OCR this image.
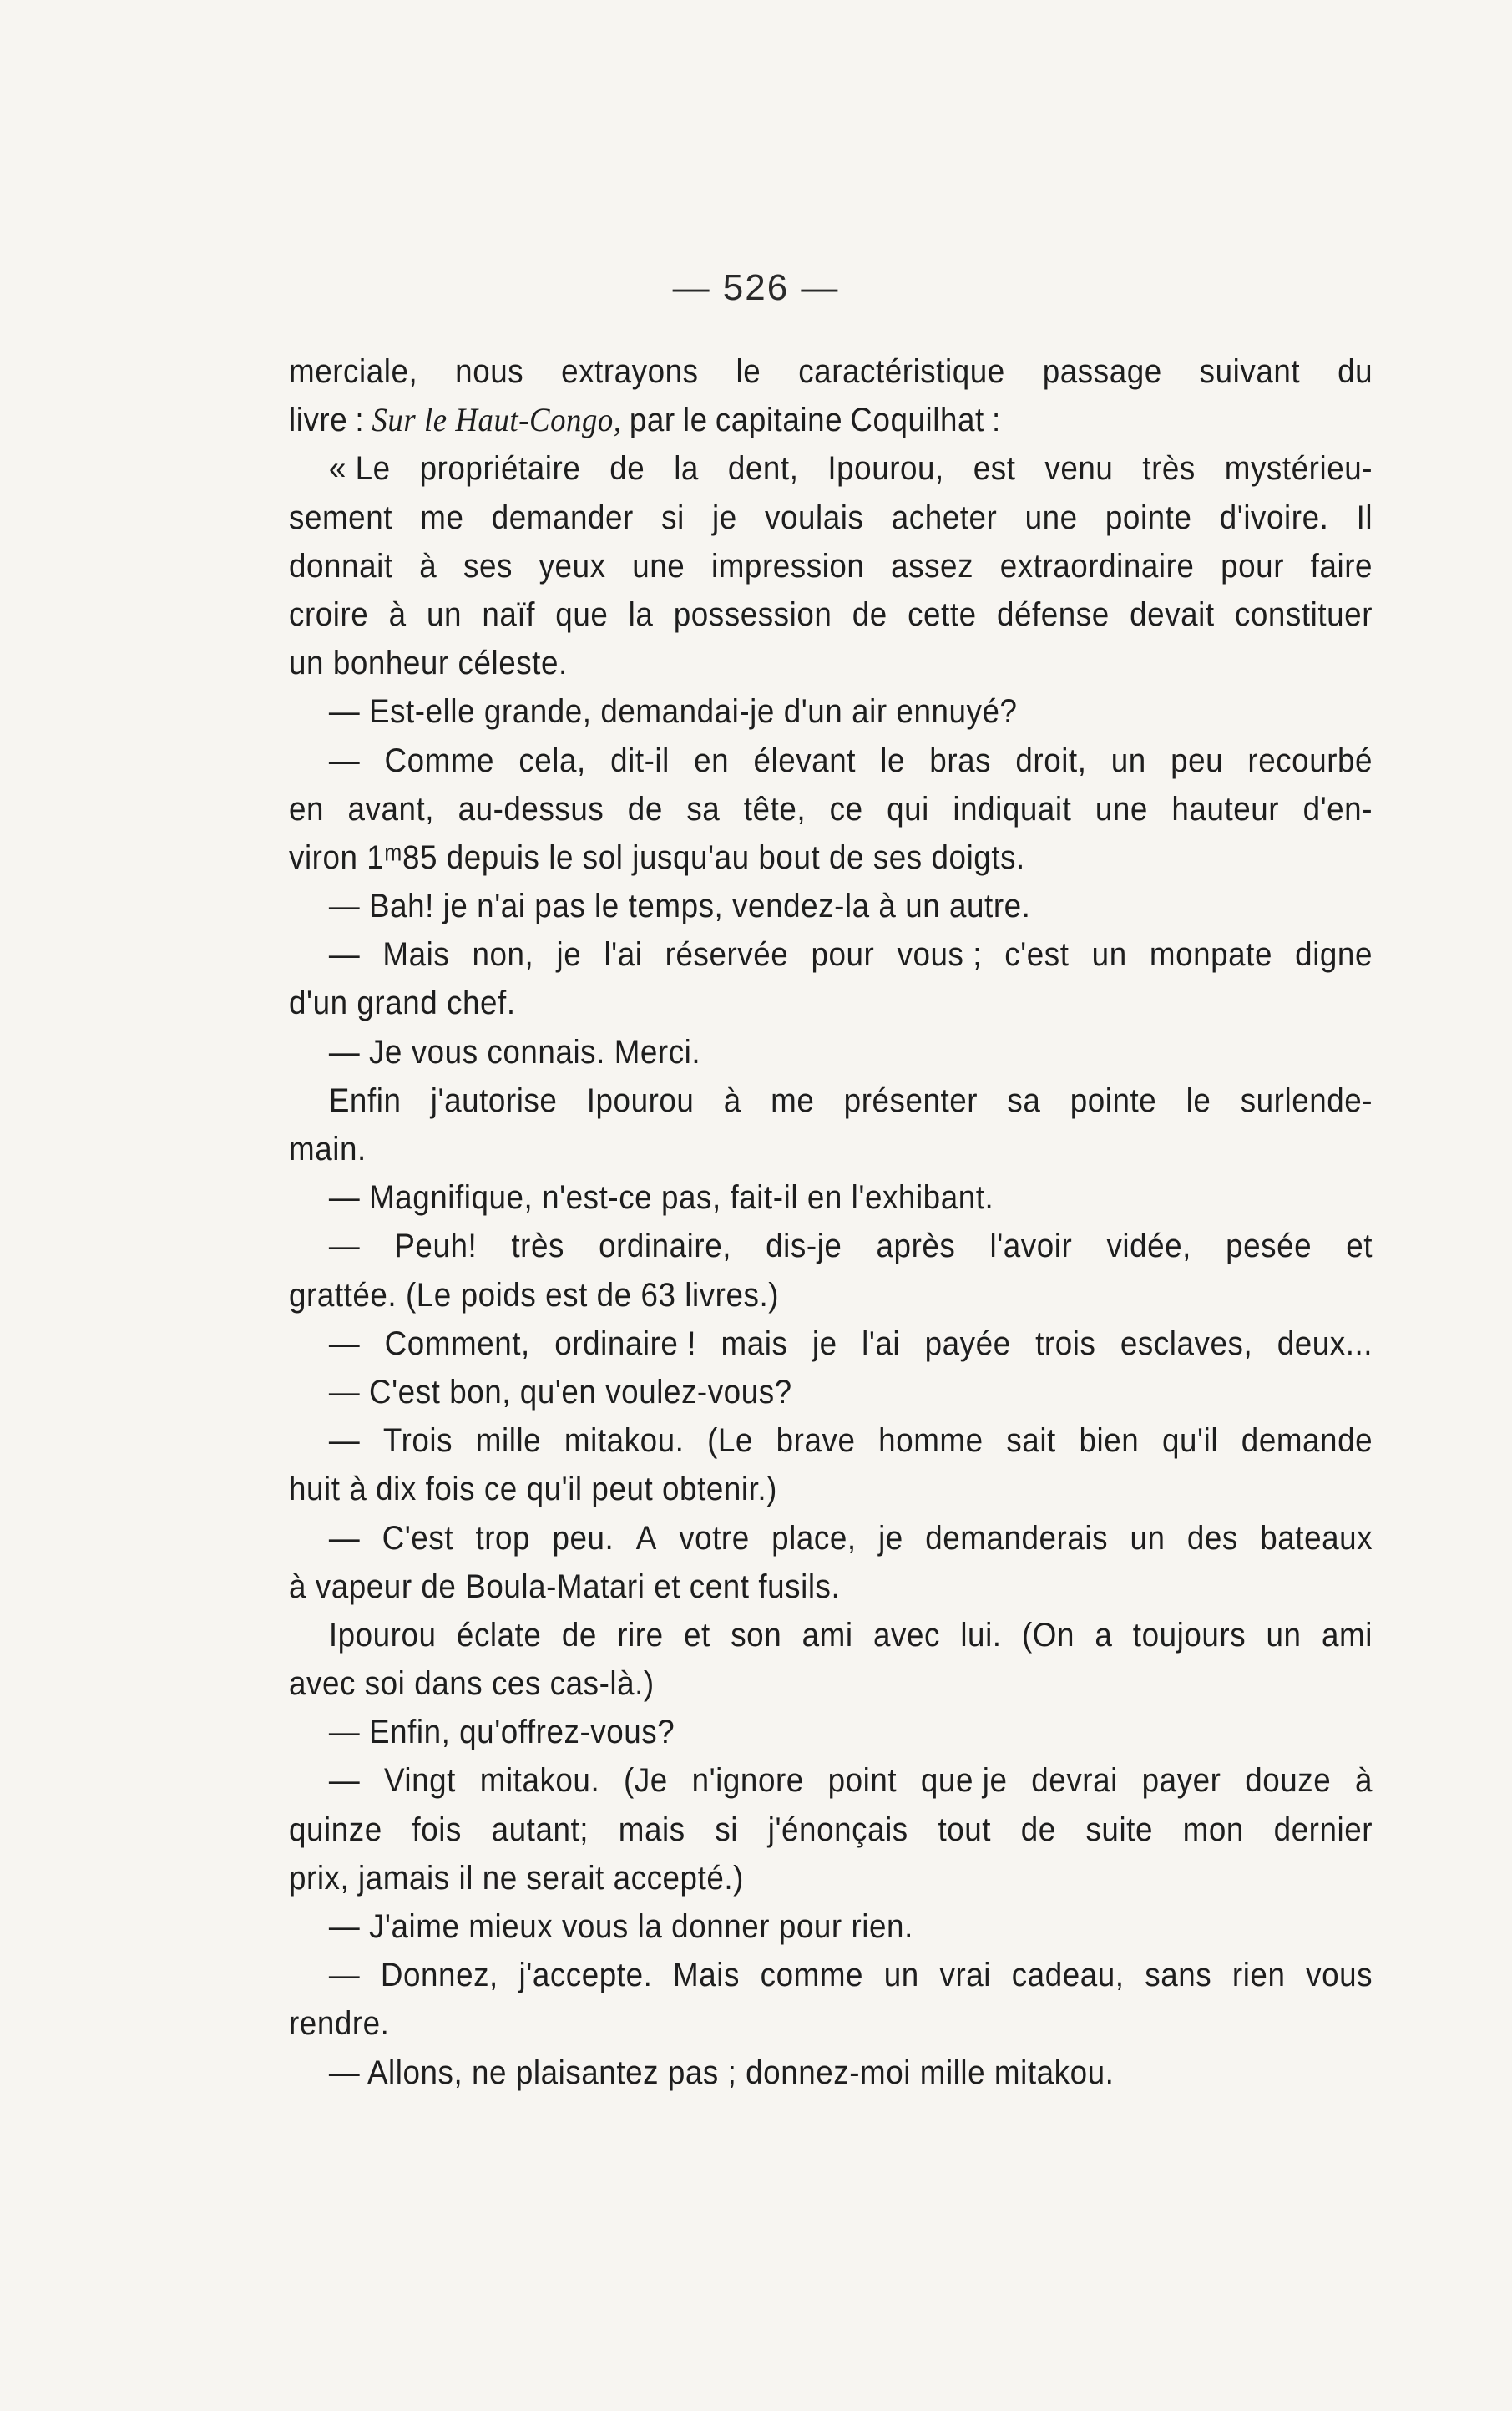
— 526 —
merciale, nous extrayons le caractéristique passage suivant du
livre : Sur le Haut-Congo, par le capitaine Coquilhat :
« Le propriétaire de la dent, Ipourou, est venu très mystérieu-
sement me demander si je voulais acheter une pointe d'ivoire. Il
donnait à ses yeux une impression assez extraordinaire pour faire
croire à un naïf que la possession de cette défense devait constituer
un bonheur céleste.
— Est-elle grande, demandai-je d'un air ennuyé?
— Comme cela, dit-il en élevant le bras droit, un peu recourbé
en avant, au-dessus de sa tête, ce qui indiquait une hauteur d'en-
viron 1ᵐ85 depuis le sol jusqu'au bout de ses doigts.
— Bah! je n'ai pas le temps, vendez-la à un autre.
— Mais non, je l'ai réservée pour vous ; c'est un monpate digne
d'un grand chef.
— Je vous connais. Merci.
Enfin j'autorise Ipourou à me présenter sa pointe le surlende-
main.
— Magnifique, n'est-ce pas, fait-il en l'exhibant.
— Peuh! très ordinaire, dis-je après l'avoir vidée, pesée et
grattée. (Le poids est de 63 livres.)
— Comment, ordinaire ! mais je l'ai payée trois esclaves, deux...
— C'est bon, qu'en voulez-vous?
— Trois mille mitakou. (Le brave homme sait bien qu'il demande
huit à dix fois ce qu'il peut obtenir.)
— C'est trop peu. A votre place, je demanderais un des bateaux
à vapeur de Boula-Matari et cent fusils.
Ipourou éclate de rire et son ami avec lui. (On a toujours un ami
avec soi dans ces cas-là.)
— Enfin, qu'offrez-vous?
— Vingt mitakou. (Je n'ignore point que je devrai payer douze à
quinze fois autant; mais si j'énonçais tout de suite mon dernier
prix, jamais il ne serait accepté.)
— J'aime mieux vous la donner pour rien.
— Donnez, j'accepte. Mais comme un vrai cadeau, sans rien vous
rendre.
— Allons, ne plaisantez pas ; donnez-moi mille mitakou.
